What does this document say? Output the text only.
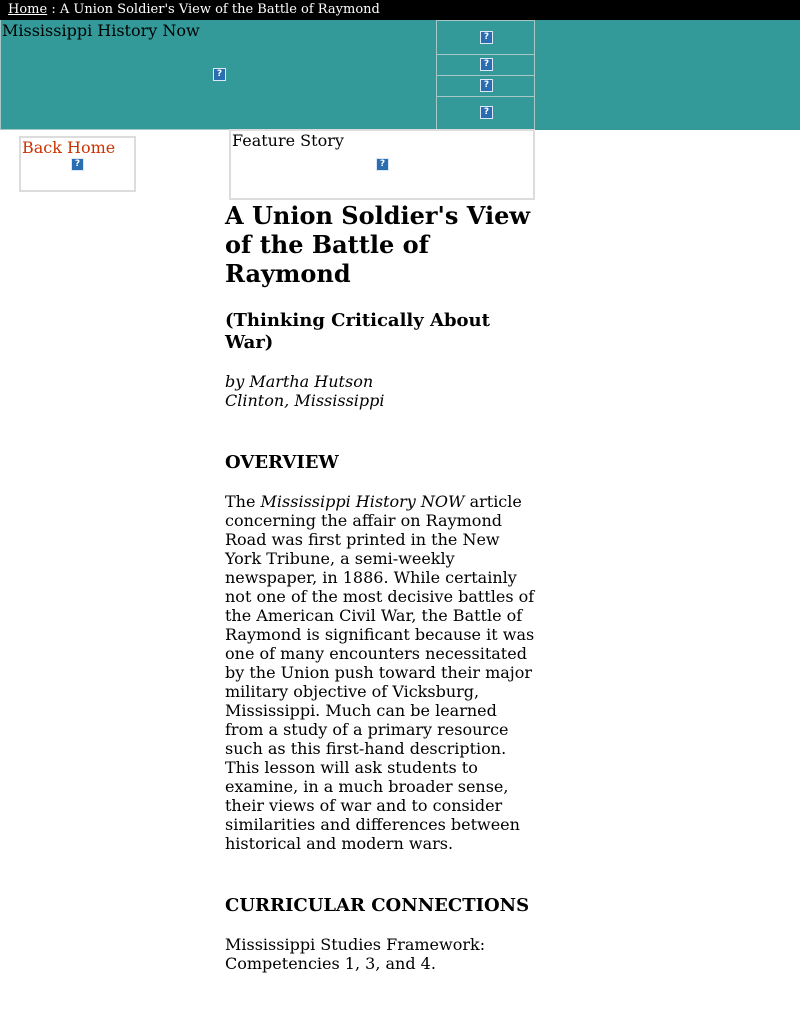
Home : A Union Soldier's View of the Battle of Raymond
Mississippi History Now
?
?
?
?
?
Back Home
?
Feature Story
?
A Union Soldier's View of the Battle of Raymond
(Thinking Critically About War)
by Martha Hutson
Clinton, Mississippi
OVERVIEW

The Mississippi History NOW article concerning the affair on Raymond Road was first printed in the New York Tribune, a semi-weekly newspaper, in 1886. While certainly not one of the most decisive battles of the American Civil War, the Battle of Raymond is significant because it was one of many encounters necessitated by the Union push toward their major military objective of Vicksburg, Mississippi. Much can be learned from a study of a primary resource such as this first-hand description. This lesson will ask students to examine, in a much broader sense, their views of war and to consider similarities and differences between historical and modern wars.

CURRICULAR CONNECTIONS

Mississippi Studies Framework: Competencies 1, 3, and 4.
